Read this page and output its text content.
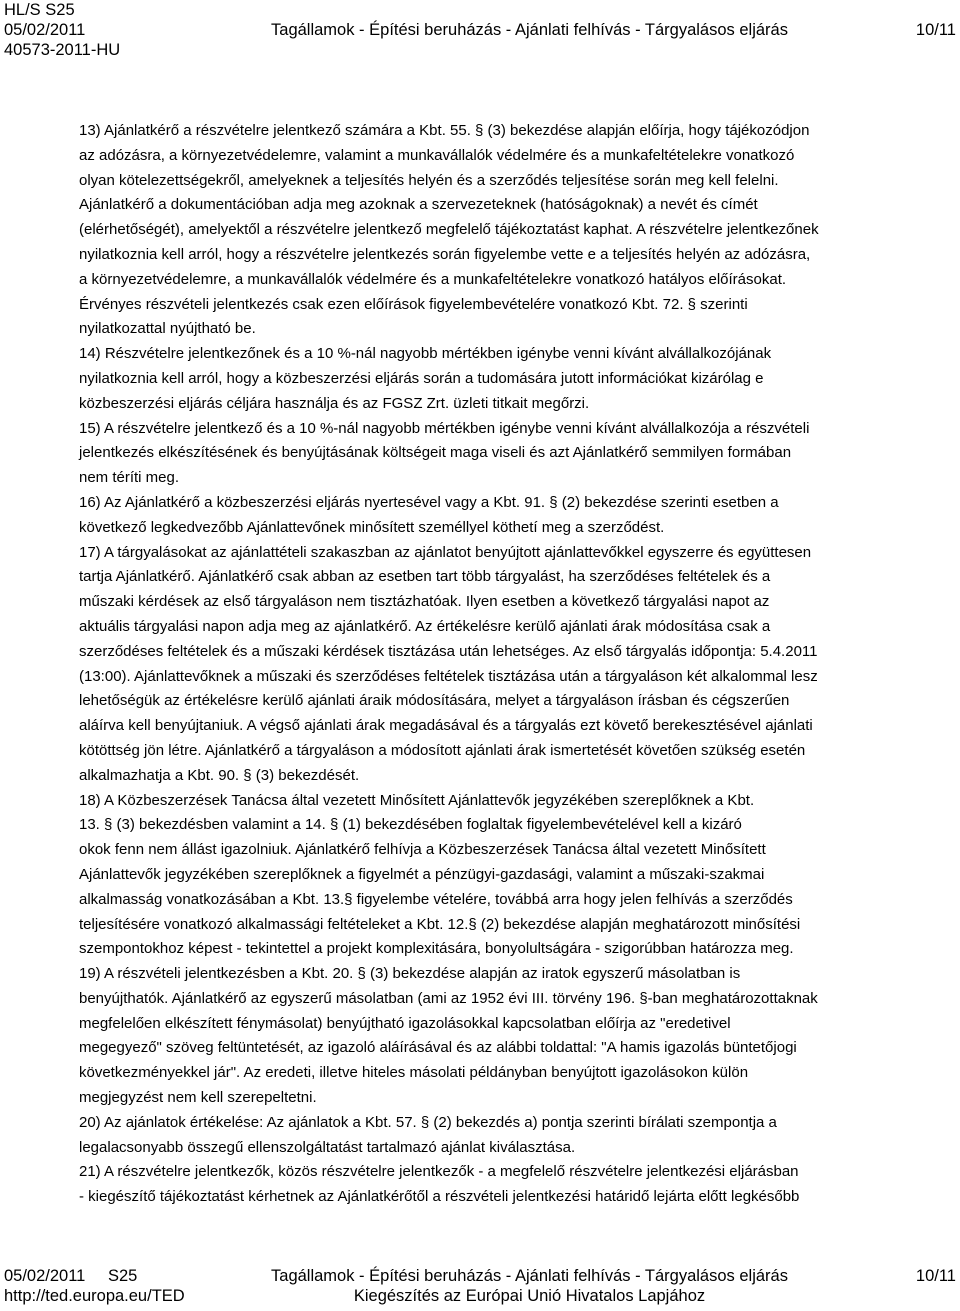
HL/S S25
05/02/2011	Tagállamok - Építési beruházás - Ajánlati felhívás - Tárgyalásos eljárás	10/11
40573-2011-HU

13) Ajánlatkérő a részvételre jelentkező számára a Kbt. 55. § (3) bekezdése alapján előírja, hogy tájékozódjon

az adózásra, a környezetvédelemre, valamint a munkavállalók védelmére és a munkafeltételekre vonatkozó

olyan kötelezettségekről, amelyeknek a teljesítés helyén és a szerződés teljesítése során meg kell felelni.

Ajánlatkérő a dokumentációban adja meg azoknak a szervezeteknek (hatóságoknak) a nevét és címét

(elérhetőségét), amelyektől a részvételre jelentkező megfelelő tájékoztatást kaphat. A részvételre jelentkezőnek

nyilatkoznia kell arról, hogy a részvételre jelentkezés során figyelembe vette e a teljesítés helyén az adózásra,

a környezetvédelemre, a munkavállalók védelmére és a munkafeltételekre vonatkozó hatályos előírásokat.

Érvényes részvételi jelentkezés csak ezen előírások figyelembevételére vonatkozó Kbt. 72. § szerinti

nyilatkozattal nyújtható be.

14) Részvételre jelentkezőnek és a 10 %-nál nagyobb mértékben igénybe venni kívánt alvállalkozójának

nyilatkoznia kell arról, hogy a közbeszerzési eljárás során a tudomására jutott információkat kizárólag e

közbeszerzési eljárás céljára használja és az FGSZ Zrt. üzleti titkait megőrzi.

15) A részvételre jelentkező és a 10 %-nál nagyobb mértékben igénybe venni kívánt alvállalkozója a részvételi

jelentkezés elkészítésének és benyújtásának költségeit maga viseli és azt Ajánlatkérő semmilyen formában

nem téríti meg.

16) Az Ajánlatkérő a közbeszerzési eljárás nyertesével vagy a Kbt. 91. § (2) bekezdése szerinti esetben a

következő legkedvezőbb Ajánlattevőnek minősített személlyel köthetí meg a szerződést.

17) A tárgyalásokat az ajánlattételi szakaszban az ajánlatot benyújtott ajánlattevőkkel egyszerre és együttesen

tartja Ajánlatkérő. Ajánlatkérő csak abban az esetben tart több tárgyalást, ha szerződéses feltételek és a

műszaki kérdések az első tárgyaláson nem tisztázhatóak. Ilyen esetben a következő tárgyalási napot az

aktuális tárgyalási napon adja meg az ajánlatkérő. Az értékelésre kerülő ajánlati árak módosítása csak a

szerződéses feltételek és a műszaki kérdések tisztázása után lehetséges. Az első tárgyalás időpontja: 5.4.2011

(13:00). Ajánlattevőknek a műszaki és szerződéses feltételek tisztázása után a tárgyaláson két alkalommal lesz

lehetőségük az értékelésre kerülő ajánlati áraik módosítására, melyet a tárgyaláson írásban és cégszerűen

aláírva kell benyújtaniuk. A végső ajánlati árak megadásával és a tárgyalás ezt követő berekesztésével ajánlati

kötöttség jön létre. Ajánlatkérő a tárgyaláson a módosított ajánlati árak ismertetését követően szükség esetén

alkalmazhatja a Kbt. 90. § (3) bekezdését.

18) A Közbeszerzések Tanácsa által vezetett Minősített Ajánlattevők jegyzékében szereplőknek a Kbt.

13. § (3) bekezdésben valamint a 14. § (1) bekezdésében foglaltak figyelembevételével kell a kizáró

okok fenn nem állást igazolniuk. Ajánlatkérő felhívja a Közbeszerzések Tanácsa által vezetett Minősített

Ajánlattevők jegyzékében szereplőknek a figyelmét a pénzügyi-gazdasági, valamint a műszaki-szakmai

alkalmasság vonatkozásában a Kbt. 13.§ figyelembe vételére, továbbá arra hogy jelen felhívás a szerződés

teljesítésére vonatkozó alkalmassági feltételeket a Kbt. 12.§ (2) bekezdése alapján meghatározott minősítési

szempontokhoz képest - tekintettel a projekt komplexitására, bonyolultságára - szigorúbban határozza meg.

19) A részvételi jelentkezésben a Kbt. 20. § (3) bekezdése alapján az iratok egyszerű másolatban is

benyújthatók. Ajánlatkérő az egyszerű másolatban (ami az 1952 évi III. törvény 196. §-ban meghatározottaknak

megfelelően elkészített fénymásolat) benyújtható igazolásokkal kapcsolatban előírja az "eredetivel

megegyező" szöveg feltüntetését, az igazoló aláírásával és az alábbi toldattal: "A hamis igazolás büntetőjogi

következményekkel jár". Az eredeti, illetve hiteles másolati példányban benyújtott igazolásokon külön

megjegyzést nem kell szerepeltetni.

20) Az ajánlatok értékelése: Az ajánlatok a Kbt. 57. § (2) bekezdés a) pontja szerinti bírálati szempontja a

legalacsonyabb összegű ellenszolgáltatást tartalmazó ajánlat kiválasztása.

21) A részvételre jelentkezők, közös részvételre jelentkezők - a megfelelő részvételre jelentkezési eljárásban

- kiegészítő tájékoztatást kérhetnek az Ajánlatkérőtől a részvételi jelentkezési határidő lejárta előtt legkésőbb

05/02/2011 S25	Tagállamok - Építési beruházás - Ajánlati felhívás - Tárgyalásos eljárás	10/11
http://ted.europa.eu/TED	Kiegészítés az Európai Unió Hivatalos Lapjához
